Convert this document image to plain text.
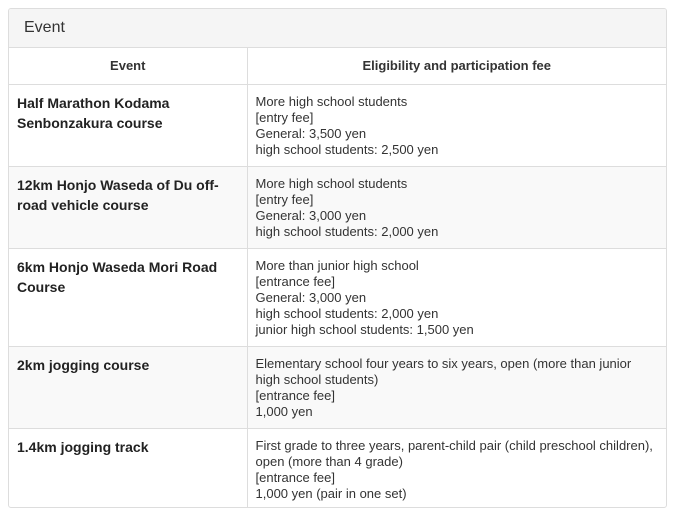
Event
Event	Eligibility and participation fee
Half Marathon Kodama Senbonzakura course	More high school students
[entry fee]
General: 3,500 yen
high school students: 2,500 yen

12km Honjo Waseda of Du off-road vehicle course	More high school students
[entry fee]
General: 3,000 yen
high school students: 2,000 yen

6km Honjo Waseda Mori Road Course	More than junior high school
[entrance fee]
General: 3,000 yen
high school students: 2,000 yen
junior high school students: 1,500 yen

2km jogging course	Elementary school four years to six years, open (more than junior high school students)
[entrance fee]
1,000 yen

1.4km jogging track	First grade to three years, parent-child pair (child preschool children), open (more than 4 grade)
[entrance fee]
1,000 yen (pair in one set)
